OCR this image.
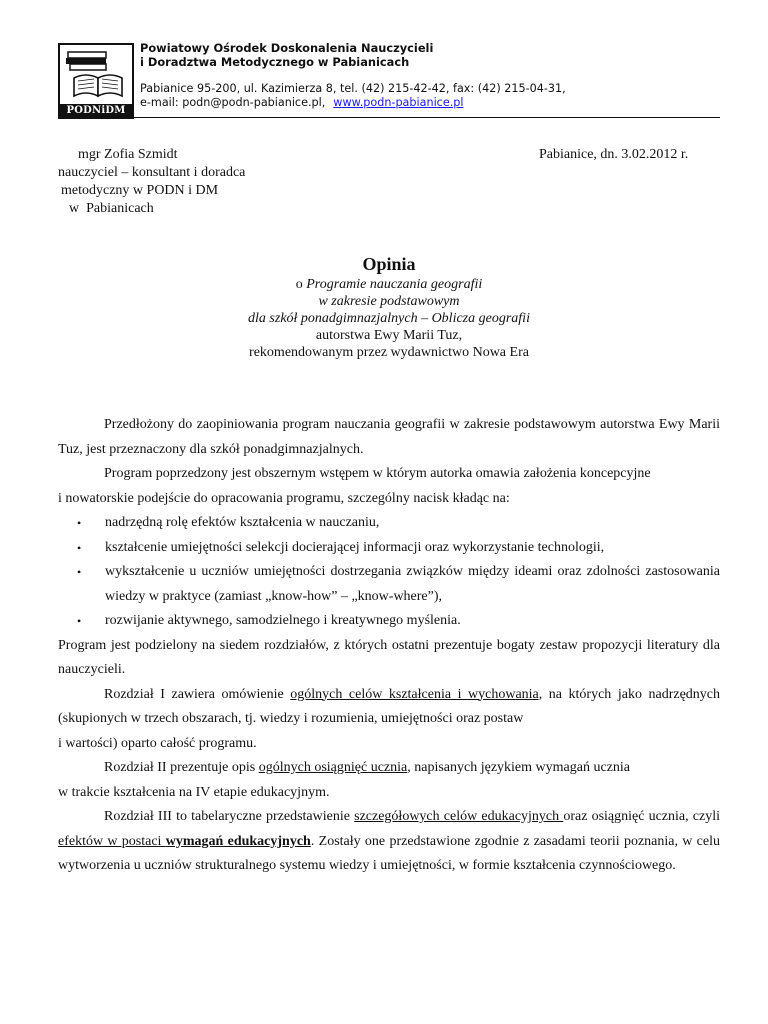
PODNiDM
Powiatowy Ośrodek Doskonalenia Nauczycieli
i Doradztwa Metodycznego w Pabianicach
Pabianice 95-200, ul. Kazimierza 8, tel. (42) 215-42-42, fax: (42) 215-04-31,
e-mail: podn@podn-pabianice.pl, www.podn-pabianice.pl
mgr Zofia Szmidt
nauczyciel – konsultant i doradca
metodyczny w PODN i DM
w  Pabianicach
Pabianice, dn. 3.02.2012 r.
Opinia
o Programie nauczania geografii
w zakresie podstawowym
dla szkół ponadgimnazjalnych – Oblicza geografii
autorstwa Ewy Marii Tuz,
rekomendowanym przez wydawnictwo Nowa Era

Przedłożony do zaopiniowania program nauczania geografii w zakresie podstawowym autorstwa Ewy Marii Tuz, jest przeznaczony dla szkół ponadgimnazjalnych.

Program poprzedzony jest obszernym wstępem w którym autorka omawia założenia koncepcyjne

i nowatorskie podejście do opracowania programu, szczególny nacisk kładąc na:

• nadrzędną rolę efektów kształcenia w nauczaniu,
• kształcenie umiejętności selekcji docierającej informacji oraz wykorzystanie technologii,
• wykształcenie u uczniów umiejętności dostrzegania związków między ideami oraz zdolności zastosowania wiedzy w praktyce (zamiast „know-how” – „know-where”),
• rozwijanie aktywnego, samodzielnego i kreatywnego myślenia.

Program jest podzielony na siedem rozdziałów, z których ostatni prezentuje bogaty zestaw propozycji literatury dla nauczycieli.

Rozdział I zawiera omówienie ogólnych celów kształcenia i wychowania, na których jako nadrzędnych (skupionych w trzech obszarach, tj. wiedzy i rozumienia, umiejętności oraz postaw

i wartości) oparto całość programu.

Rozdział II prezentuje opis ogólnych osiągnięć ucznia, napisanych językiem wymagań ucznia

w trakcie kształcenia na IV etapie edukacyjnym.

Rozdział III to tabelaryczne przedstawienie szczegółowych celów edukacyjnych oraz osiągnięć ucznia, czyli efektów w postaci wymagań edukacyjnych. Zostały one przedstawione zgodnie z zasadami teorii poznania, w celu wytworzenia u uczniów strukturalnego systemu wiedzy i umiejętności, w formie kształcenia czynnościowego.
